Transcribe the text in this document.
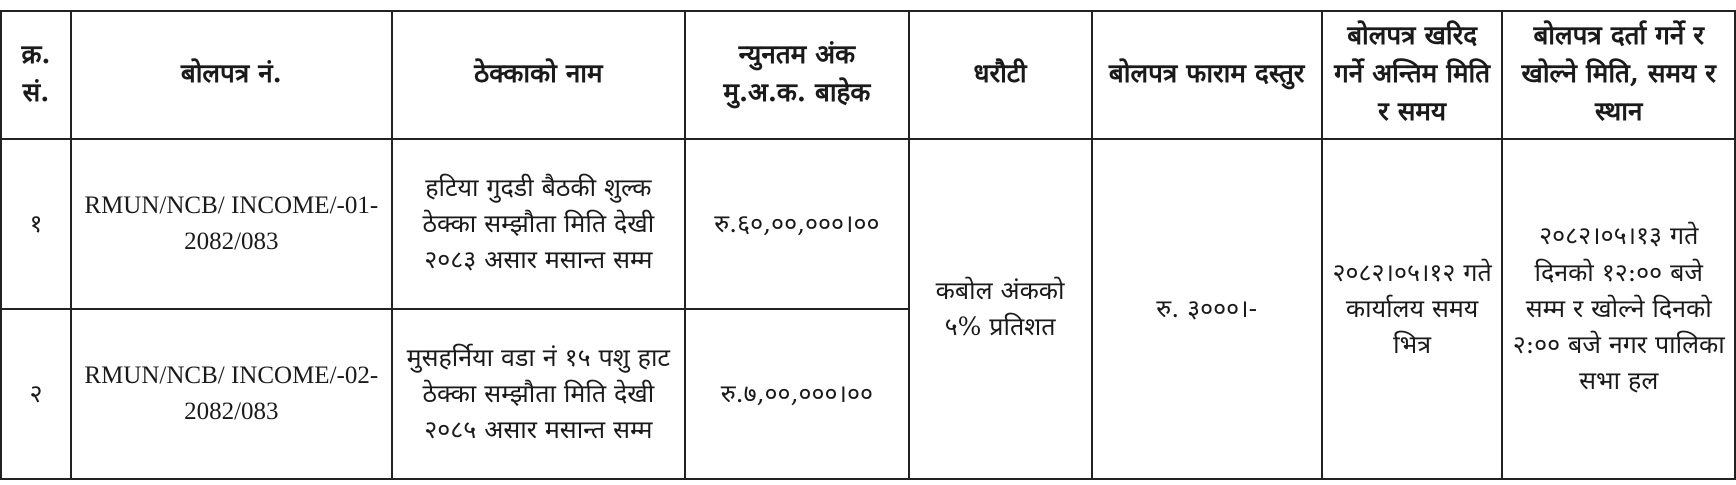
क्र. सं.	बोलपत्र नं.	ठेक्काको नाम	न्युनतम अंक मु.अ.क. बाहेक	धरौटी	बोलपत्र फाराम दस्तुर	बोलपत्र खरिद गर्ने अन्तिम मिति र समय	बोलपत्र दर्ता गर्ने र खोल्ने मिति, समय र स्थान
१	RMUN/NCB/ INCOME/-01-2082/083	हटिया गुदडी बैठकी शुल्क ठेक्का सम्झौता मिति देखी २०८३ असार मसान्त सम्म	रु.६०,००,०००।००	कबोल अंकको ५% प्रतिशत	रु. ३०००।-	२०८२।०५।१२ गते कार्यालय समय भित्र	२०८२।०५।१३ गते दिनको १२:०० बजे सम्म र खोल्ने दिनको २:०० बजे नगर पालिका सभा हल
२	RMUN/NCB/ INCOME/-02-2082/083	मुसहर्निया वडा नं १५ पशु हाट ठेक्का सम्झौता मिति देखी २०८५ असार मसान्त सम्म	रु.७,००,०००।००				
